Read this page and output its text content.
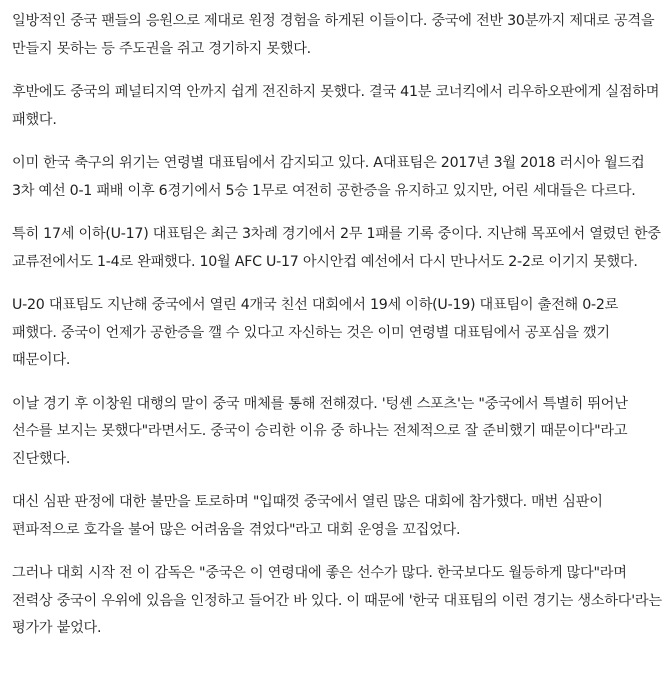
일방적인 중국 팬들의 응원으로 제대로 원정 경험을 하게된 이들이다. 중국에 전반 30분까지 제대로 공격을 만들지 못하는 등 주도권을 쥐고 경기하지 못했다.

후반에도 중국의 페널티지역 안까지 쉽게 전진하지 못했다. 결국 41분 코너킥에서 리우하오판에게 실점하며 패했다.

이미 한국 축구의 위기는 연령별 대표팀에서 감지되고 있다. A대표팀은 2017년 3월 2018 러시아 월드컵 3차 예선 0-1 패배 이후 6경기에서 5승 1무로 여전히 공한증을 유지하고 있지만, 어린 세대들은 다르다.

특히 17세 이하(U-17) 대표팀은 최근 3차례 경기에서 2무 1패를 기록 중이다. 지난해 목포에서 열렸던 한중 교류전에서도 1-4로 완패했다. 10월 AFC U-17 아시안컵 예선에서 다시 만나서도 2-2로 이기지 못했다.

U-20 대표팀도 지난해 중국에서 열린 4개국 친선 대회에서 19세 이하(U-19) 대표팀이 출전해 0-2로 패했다. 중국이 언제가 공한증을 깰 수 있다고 자신하는 것은 이미 연령별 대표팀에서 공포심을 깼기 때문이다.

이날 경기 후 이창원 대행의 말이 중국 매체를 통해 전해졌다. '텅셴 스포츠'는 "중국에서 특별히 뛰어난 선수를 보지는 못했다"라면서도. 중국이 승리한 이유 중 하나는 전체적으로 잘 준비했기 때문이다"라고 진단했다.

대신 심판 판정에 대한 불만을 토로하며 "입때껏 중국에서 열린 많은 대회에 참가했다. 매번 심판이 편파적으로 호각을 불어 많은 어려움을 겪었다"라고 대회 운영을 꼬집었다.

그러나 대회 시작 전 이 감독은 "중국은 이 연령대에 좋은 선수가 많다. 한국보다도 월등하게 많다"라며 전력상 중국이 우위에 있음을 인정하고 들어간 바 있다. 이 때문에 '한국 대표팀의 이런 경기는 생소하다'라는 평가가 붙었다.
